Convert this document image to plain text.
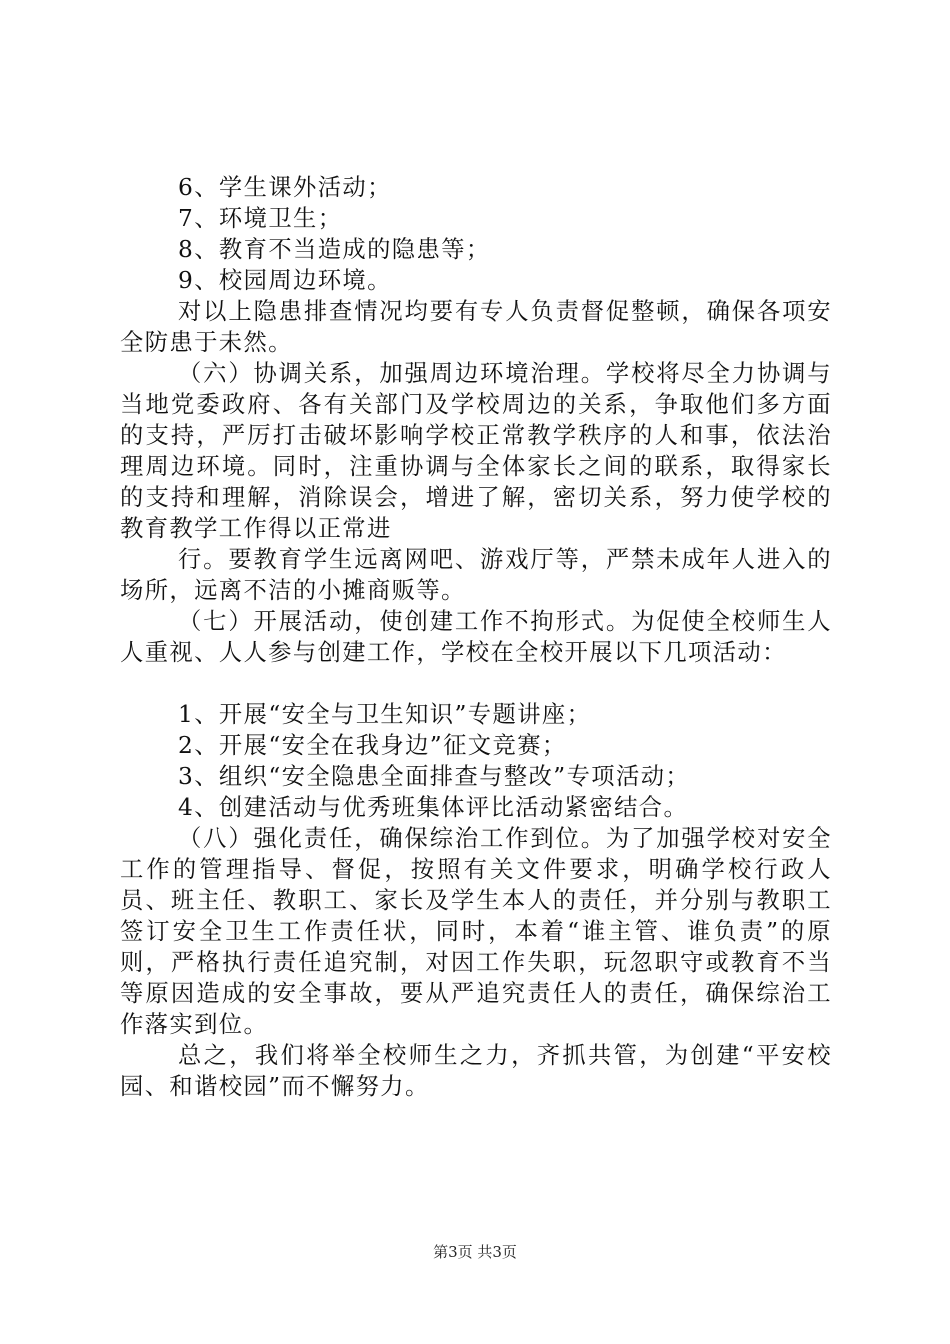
6、学生课外活动；

7、环境卫生；

8、教育不当造成的隐患等；

9、校园周边环境。

对以上隐患排查情况均要有专人负责督促整顿，确保各项安全防患于未然。

（六）协调关系，加强周边环境治理。学校将尽全力协调与当地党委政府、各有关部门及学校周边的关系，争取他们多方面的支持，严厉打击破坏影响学校正常教学秩序的人和事，依法治理周边环境。同时，注重协调与全体家长之间的联系，取得家长的支持和理解，消除误会，增进了解，密切关系，努力使学校的教育教学工作得以正常进

行。要教育学生远离网吧、游戏厅等，严禁未成年人进入的场所，远离不洁的小摊商贩等。

（七）开展活动，使创建工作不拘形式。为促使全校师生人人重视、人人参与创建工作，学校在全校开展以下几项活动：

1、开展“安全与卫生知识”专题讲座；

2、开展“安全在我身边”征文竞赛；

3、组织“安全隐患全面排查与整改”专项活动；

4、创建活动与优秀班集体评比活动紧密结合。

（八）强化责任，确保综治工作到位。为了加强学校对安全工作的管理指导、督促，按照有关文件要求，明确学校行政人员、班主任、教职工、家长及学生本人的责任，并分别与教职工签订安全卫生工作责任状，同时，本着“谁主管、谁负责”的原则，严格执行责任追究制，对因工作失职，玩忽职守或教育不当等原因造成的安全事故，要从严追究责任人的责任，确保综治工作落实到位。

总之，我们将举全校师生之力，齐抓共管，为创建“平安校园、和谐校园”而不懈努力。

第3页 共3页
